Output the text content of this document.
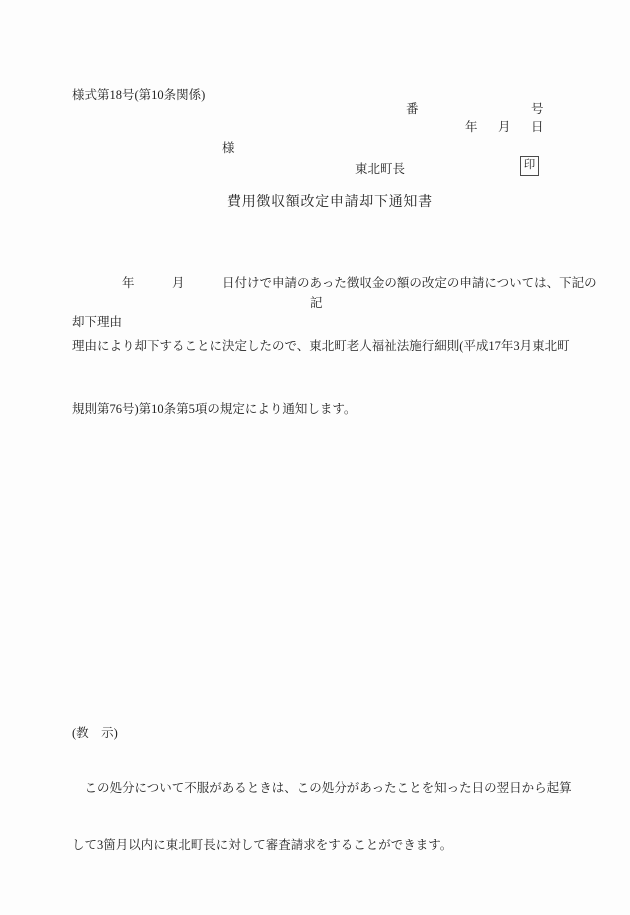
様式第18号(第10条関係)
番	号
年 月 日
様
東北町長	印
費用徴収額改定申請却下通知書

　　　　年　　　月　　　日付けで申請のあった徴収金の額の改定の申請については、下記の

理由により却下することに決定したので、東北町老人福祉法施行細則(平成17年3月東北町

規則第76号)第10条第5項の規定により通知します。

記
却下理由
(教　示)

　この処分について不服があるときは、この処分があったことを知った日の翌日から起算

して3箇月以内に東北町長に対して審査請求をすることができます。
